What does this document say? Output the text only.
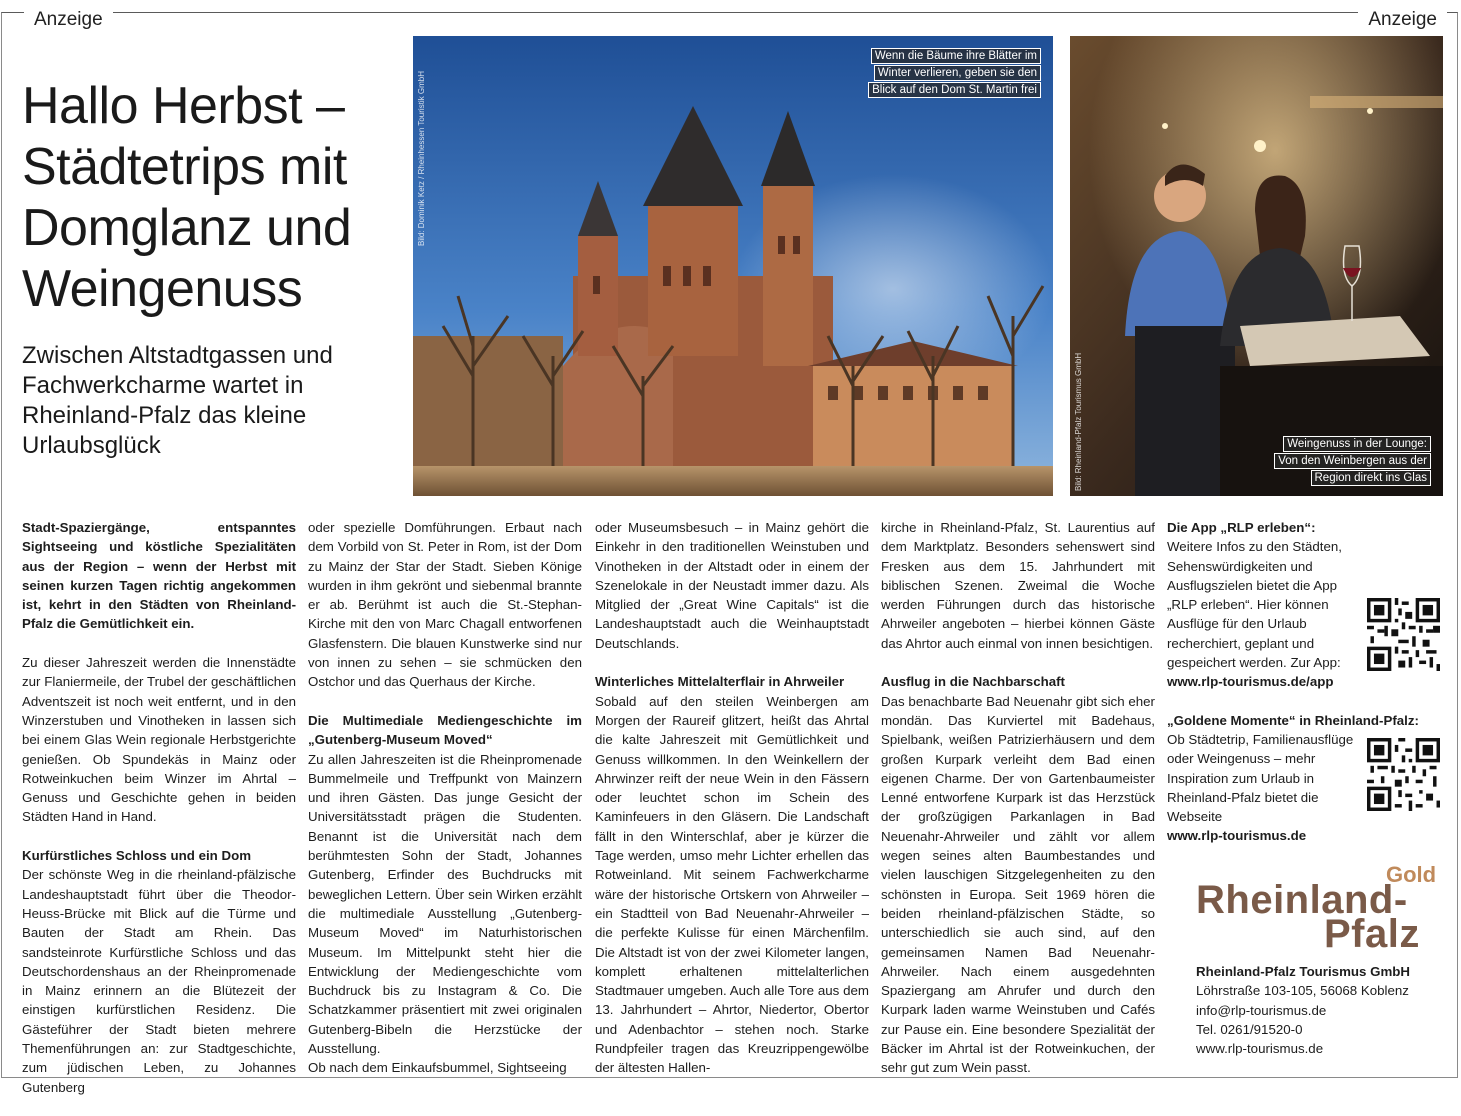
Anzeige	Anzeige
Hallo Herbst –
Städtetrips mit
Domglanz und
Weingenuss
Zwischen Altstadtgassen und
Fachwerkcharme wartet in
Rheinland-Pfalz das kleine
Urlaubsglück
Wenn die Bäume ihre Blätter im
Winter verlieren, geben sie den
Blick auf den Dom St. Martin frei
Bild: Dominik Ketz / Rheinhessen Touristik GmbH
Weingenuss in der Lounge:
Von den Weinbergen aus der
Region direkt ins Glas
Bild: Rheinland-Pfalz Tourismus GmbH

Stadt-Spaziergänge, entspanntes Sightseeing und köstliche Spezialitäten aus der Region – wenn der Herbst mit seinen kurzen Tagen richtig angekommen ist, kehrt in den Städten von Rheinland-Pfalz die Gemütlichkeit ein.

Zu dieser Jahreszeit werden die Innenstädte zur Flaniermeile, der Trubel der geschäftlichen Adventszeit ist noch weit entfernt, und in den Winzerstuben und Vinotheken in lassen sich bei einem Glas Wein regionale Herbstgerichte genießen. Ob Spundekäs in Mainz oder Rotweinkuchen beim Winzer im Ahrtal – Genuss und Geschichte gehen in beiden Städten Hand in Hand.

Kurfürstliches Schloss und ein Dom

Der schönste Weg in die rheinland-pfälzische Landeshauptstadt führt über die Theodor-Heuss-Brücke mit Blick auf die Türme und Bauten der Stadt am Rhein. Das sandsteinrote Kurfürstliche Schloss und das Deutschordenshaus an der Rheinpromenade in Mainz erinnern an die Blütezeit der einstigen kurfürstlichen Residenz. Die Gästeführer der Stadt bieten mehrere Themenführungen an: zur Stadtgeschichte, zum jüdischen Leben, zu Johannes Gutenberg

oder spezielle Domführungen. Erbaut nach dem Vorbild von St. Peter in Rom, ist der Dom zu Mainz der Star der Stadt. Sieben Könige wurden in ihm gekrönt und siebenmal brannte er ab. Berühmt ist auch die St.-Stephan-Kirche mit den von Marc Chagall entworfenen Glasfenstern. Die blauen Kunstwerke sind nur von innen zu sehen – sie schmücken den Ostchor und das Querhaus der Kirche.

Die Multimediale Mediengeschichte im „Gutenberg-Museum Moved“

Zu allen Jahreszeiten ist die Rheinpromenade Bummelmeile und Treffpunkt von Mainzern und ihren Gästen. Das junge Gesicht der Universitätsstadt prägen die Studenten. Benannt ist die Universität nach dem berühmtesten Sohn der Stadt, Johannes Gutenberg, Erfinder des Buchdrucks mit beweglichen Lettern. Über sein Wirken erzählt die multimediale Ausstellung „Gutenberg-Museum Moved“ im Naturhistorischen Museum. Im Mittelpunkt steht hier die Entwicklung der Mediengeschichte vom Buchdruck bis zu Instagram & Co. Die Schatzkammer präsentiert mit zwei originalen Gutenberg-Bibeln die Herzstücke der Ausstellung.

Ob nach dem Einkaufsbummel, Sightseeing

oder Museumsbesuch – in Mainz gehört die Einkehr in den traditionellen Weinstuben und Vinotheken in der Altstadt oder in einem der Szenelokale in der Neustadt immer dazu. Als Mitglied der „Great Wine Capitals“ ist die Landeshauptstadt auch die Weinhauptstadt Deutschlands.

Winterliches Mittelalterflair in Ahrweiler

Sobald auf den steilen Weinbergen am Morgen der Raureif glitzert, heißt das Ahrtal die kalte Jahreszeit mit Gemütlichkeit und Genuss willkommen. In den Weinkellern der Ahrwinzer reift der neue Wein in den Fässern oder leuchtet schon im Schein des Kaminfeuers in den Gläsern. Die Landschaft fällt in den Winterschlaf, aber je kürzer die Tage werden, umso mehr Lichter erhellen das Rotweinland. Mit seinem Fachwerkcharme wäre der historische Ortskern von Ahrweiler – ein Stadtteil von Bad Neuenahr-Ahrweiler – die perfekte Kulisse für einen Märchenfilm. Die Altstadt ist von der zwei Kilometer langen, komplett erhaltenen mittelalterlichen Stadtmauer umgeben. Auch alle Tore aus dem 13. Jahrhundert – Ahrtor, Niedertor, Obertor und Adenbachtor – stehen noch. Starke Rundpfeiler tragen das Kreuzrippengewölbe der ältesten Hallen-

kirche in Rheinland-Pfalz, St. Laurentius auf dem Marktplatz. Besonders sehenswert sind Fresken aus dem 15. Jahrhundert mit biblischen Szenen. Zweimal die Woche werden Führungen durch das historische Ahrweiler angeboten – hierbei können Gäste das Ahrtor auch einmal von innen besichtigen.

Ausflug in die Nachbarschaft

Das benachbarte Bad Neuenahr gibt sich eher mondän. Das Kurviertel mit Badehaus, Spielbank, weißen Patrizierhäusern und dem großen Kurpark verleiht dem Bad einen eigenen Charme. Der von Gartenbaumeister Lenné entworfene Kurpark ist das Herzstück der großzügigen Parkanlagen in Bad Neuenahr-Ahrweiler und zählt vor allem wegen seines alten Baumbestandes und vielen lauschigen Sitzgelegenheiten zu den schönsten in Europa. Seit 1969 hören die beiden rheinland-pfälzischen Städte, so unterschiedlich sie auch sind, auf den gemeinsamen Namen Bad Neuenahr-Ahrweiler. Nach einem ausgedehnten Spaziergang am Ahrufer und durch den Kurpark laden warme Weinstuben und Cafés zur Pause ein. Eine besondere Spezialität der Bäcker im Ahrtal ist der Rotweinkuchen, der sehr gut zum Wein passt.

Die App „RLP erleben“:
Weitere Infos zu den Städten, Sehenswürdigkeiten und Ausflugszielen bietet die App „RLP erleben“. Hier können Ausflüge für den Urlaub recherchiert, geplant und gespeichert werden. Zur App:
www.rlp-tourismus.de/app
„Goldene Momente“ in Rheinland-Pfalz:
Ob Städtetrip, Familienausflüge oder Weingenuss – mehr Inspiration zum Urlaub in Rheinland-Pfalz bietet die Webseite
www.rlp-tourismus.de
Gold
Rheinland-
Pfalz
Rheinland-Pfalz Tourismus GmbH
Löhrstraße 103-105, 56068 Koblenz
info@rlp-tourismus.de
Tel. 0261/91520-0
www.rlp-tourismus.de
